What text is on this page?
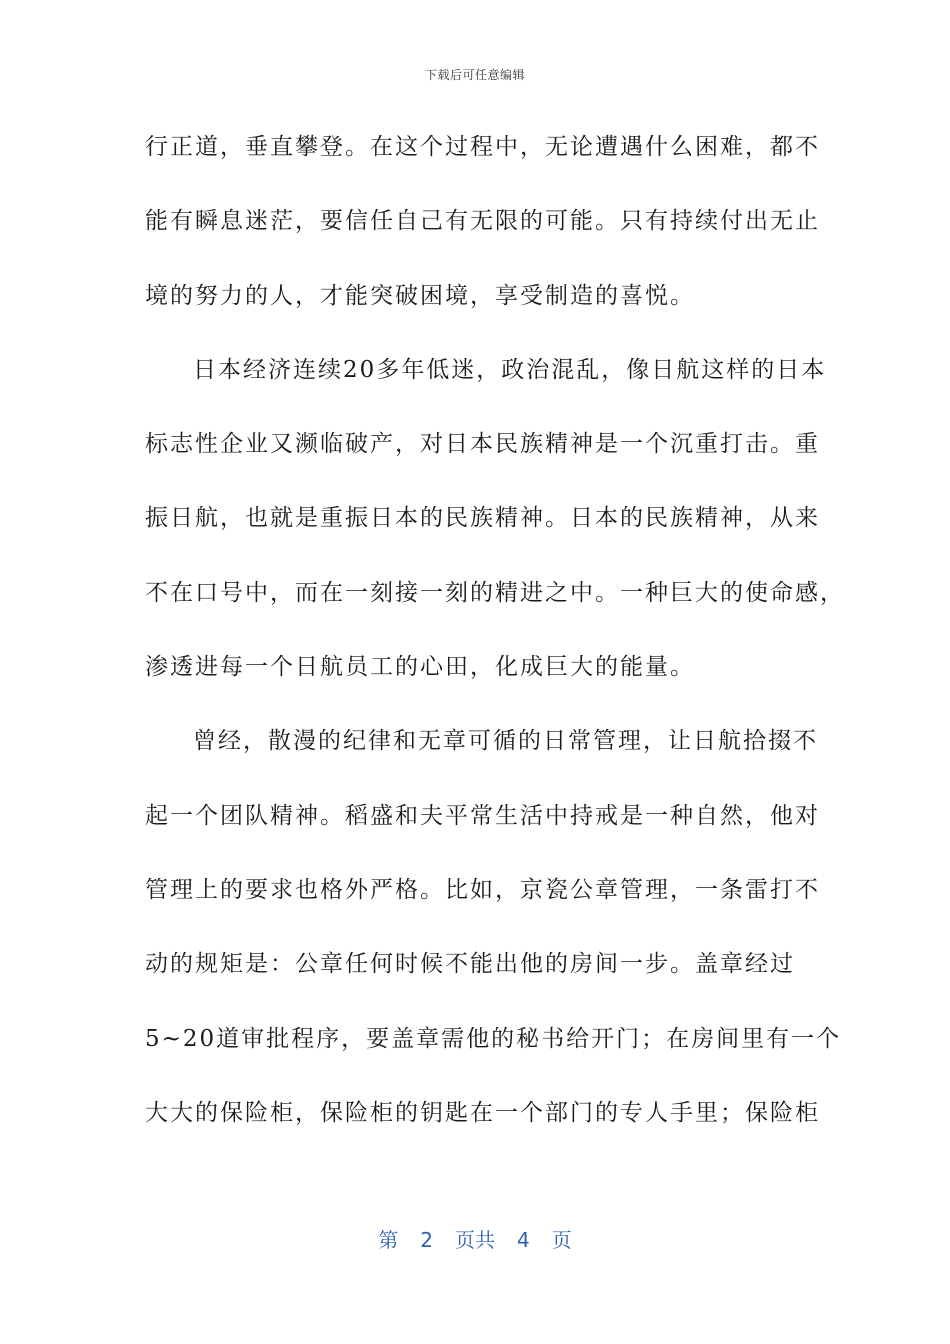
下载后可任意编辑
行正道，垂直攀登。在这个过程中，无论遭遇什么困难，都不
能有瞬息迷茫，要信任自己有无限的可能。只有持续付出无止
境的努力的人，才能突破困境，享受制造的喜悦。
日本经济连续20多年低迷，政治混乱，像日航这样的日本
标志性企业又濒临破产，对日本民族精神是一个沉重打击。重
振日航，也就是重振日本的民族精神。日本的民族精神，从来
不在口号中，而在一刻接一刻的精进之中。一种巨大的使命感，
渗透进每一个日航员工的心田，化成巨大的能量。
曾经，散漫的纪律和无章可循的日常管理，让日航拾掇不
起一个团队精神。稻盛和夫平常生活中持戒是一种自然，他对
管理上的要求也格外严格。比如，京瓷公章管理，一条雷打不
动的规矩是：公章任何时候不能出他的房间一步。盖章经过
5~20道审批程序，要盖章需他的秘书给开门；在房间里有一个
大大的保险柜，保险柜的钥匙在一个部门的专人手里；保险柜
第 2 页共 4 页
